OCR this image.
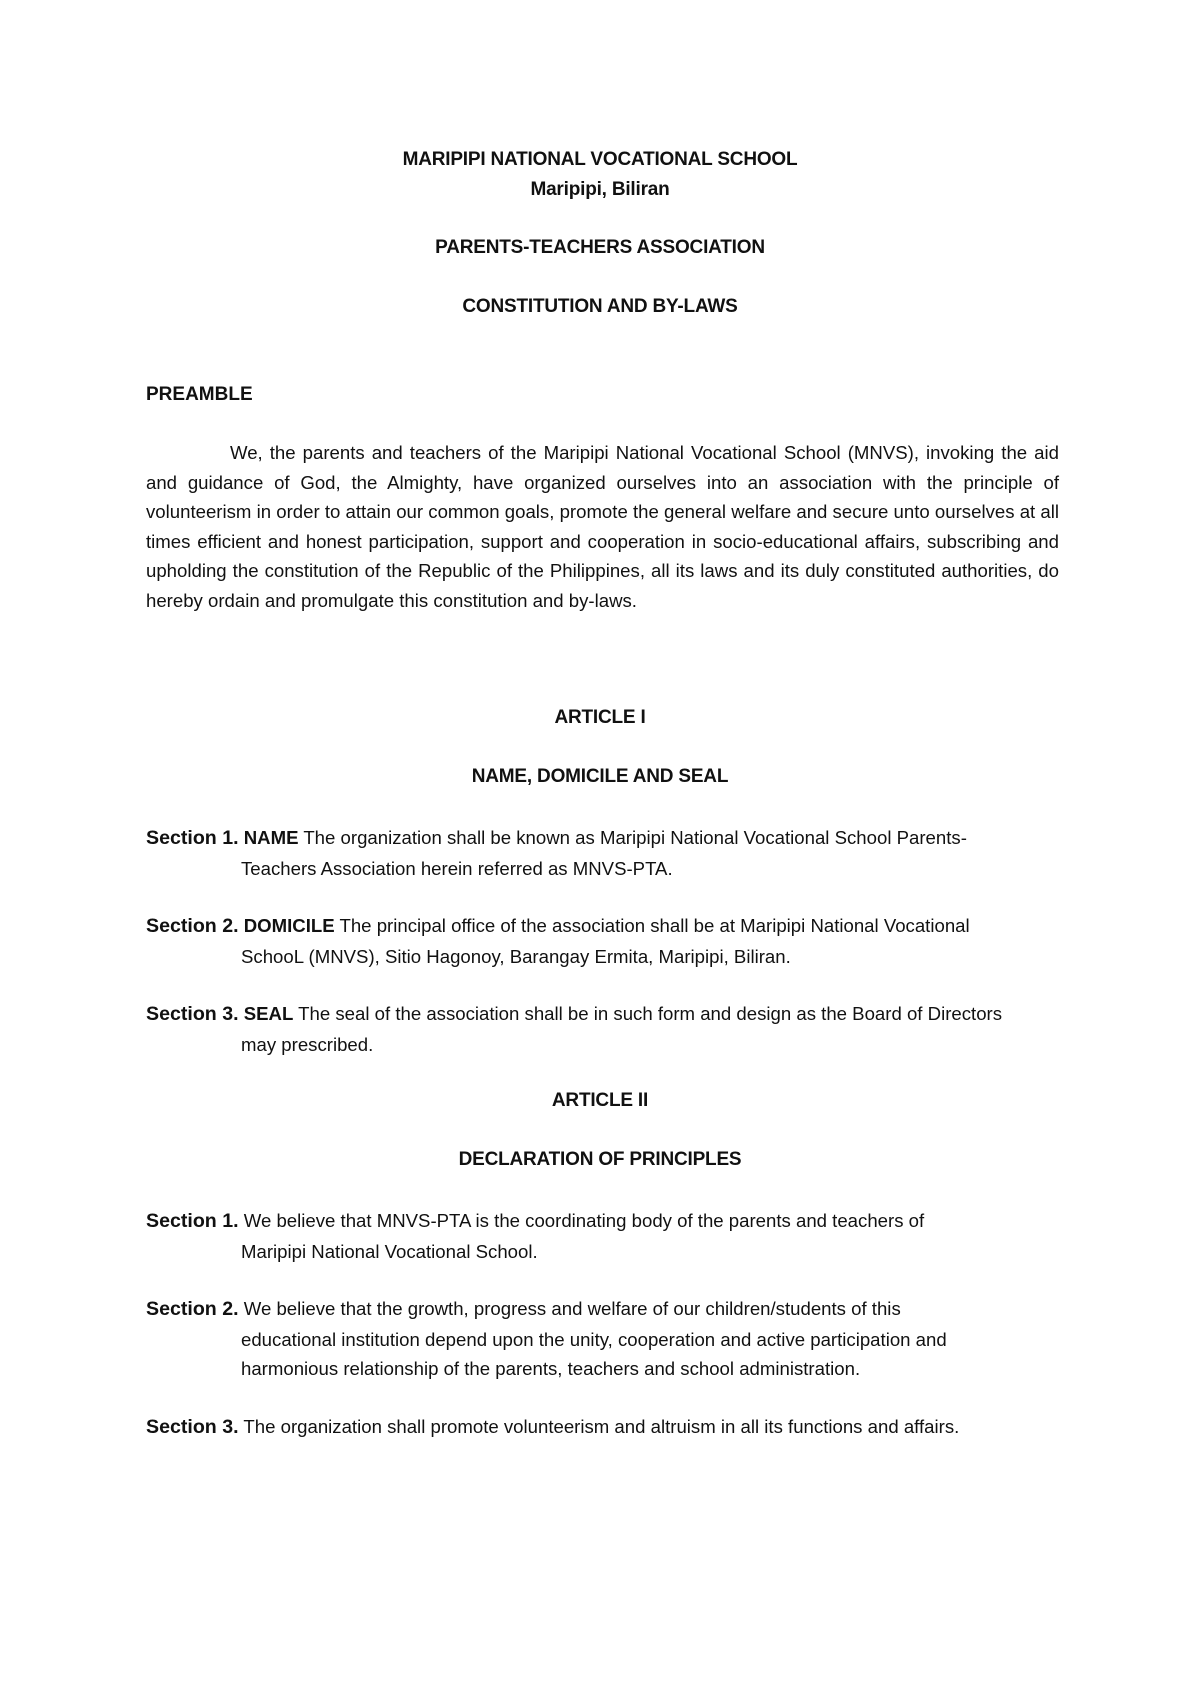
MARIPIPI NATIONAL VOCATIONAL SCHOOL
Maripipi, Biliran
PARENTS-TEACHERS ASSOCIATION
CONSTITUTION AND BY-LAWS
PREAMBLE
We, the parents and teachers of the Maripipi National Vocational School (MNVS), invoking the aid and guidance of God, the Almighty, have organized ourselves into an association with the principle of volunteerism in order to attain our common goals, promote the general welfare and secure unto ourselves at all times efficient and honest participation, support and cooperation in socio-educational affairs, subscribing and upholding the constitution of the Republic of the Philippines, all its laws and its duly constituted authorities, do hereby ordain and promulgate this constitution and by-laws.
ARTICLE I
NAME, DOMICILE AND SEAL
Section 1. NAME The organization shall be known as Maripipi National Vocational School Parents-
Teachers Association herein referred as MNVS-PTA.
Section 2. DOMICILE The principal office of the association shall be at Maripipi National Vocational
SchooL (MNVS), Sitio Hagonoy, Barangay Ermita, Maripipi, Biliran.
Section 3. SEAL The seal of the association shall be in such form and design as the Board of Directors
may prescribed.
ARTICLE II
DECLARATION OF PRINCIPLES
Section 1. We believe that MNVS-PTA is the coordinating body of the parents and teachers of
Maripipi National Vocational School.
Section 2. We believe that the growth, progress and welfare of our children/students of this
educational institution depend upon the unity, cooperation and active participation and
harmonious relationship of the parents, teachers and school administration.
Section 3. The organization shall promote volunteerism and altruism in all its functions and affairs.
